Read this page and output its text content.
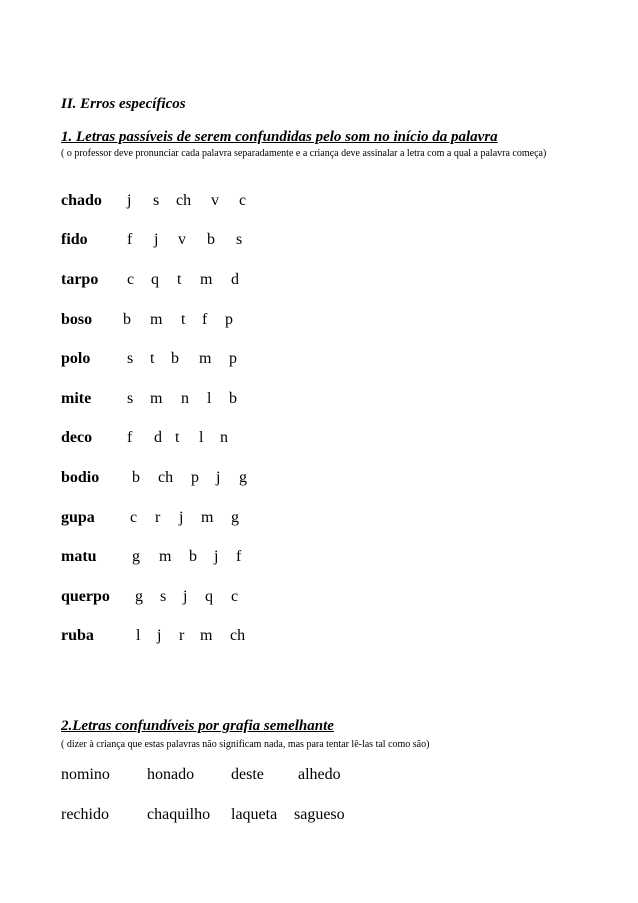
II. Erros específicos
1. Letras passíveis de serem confundidas pelo som no início da palavra
( o professor deve pronunciar cada palavra separadamente e a criança deve assinalar a letra com a qual a palavra começa)
chado j s ch v c
fido f j v b s
tarpo c q t m d
boso b m t f p
polo s t b m p
mite s m n l b
deco f d t l n
bodio b ch p j g
gupa c r j m g
matu g m b j f
querpo g s j q c
ruba	l j r m ch
2.Letras confundíveis por grafia semelhante
( dizer à criança que estas palavras não significam nada, mas para tentar lê-las tal como são)
nomino honado deste alhedo
rechido chaquilho laqueta sagueso
